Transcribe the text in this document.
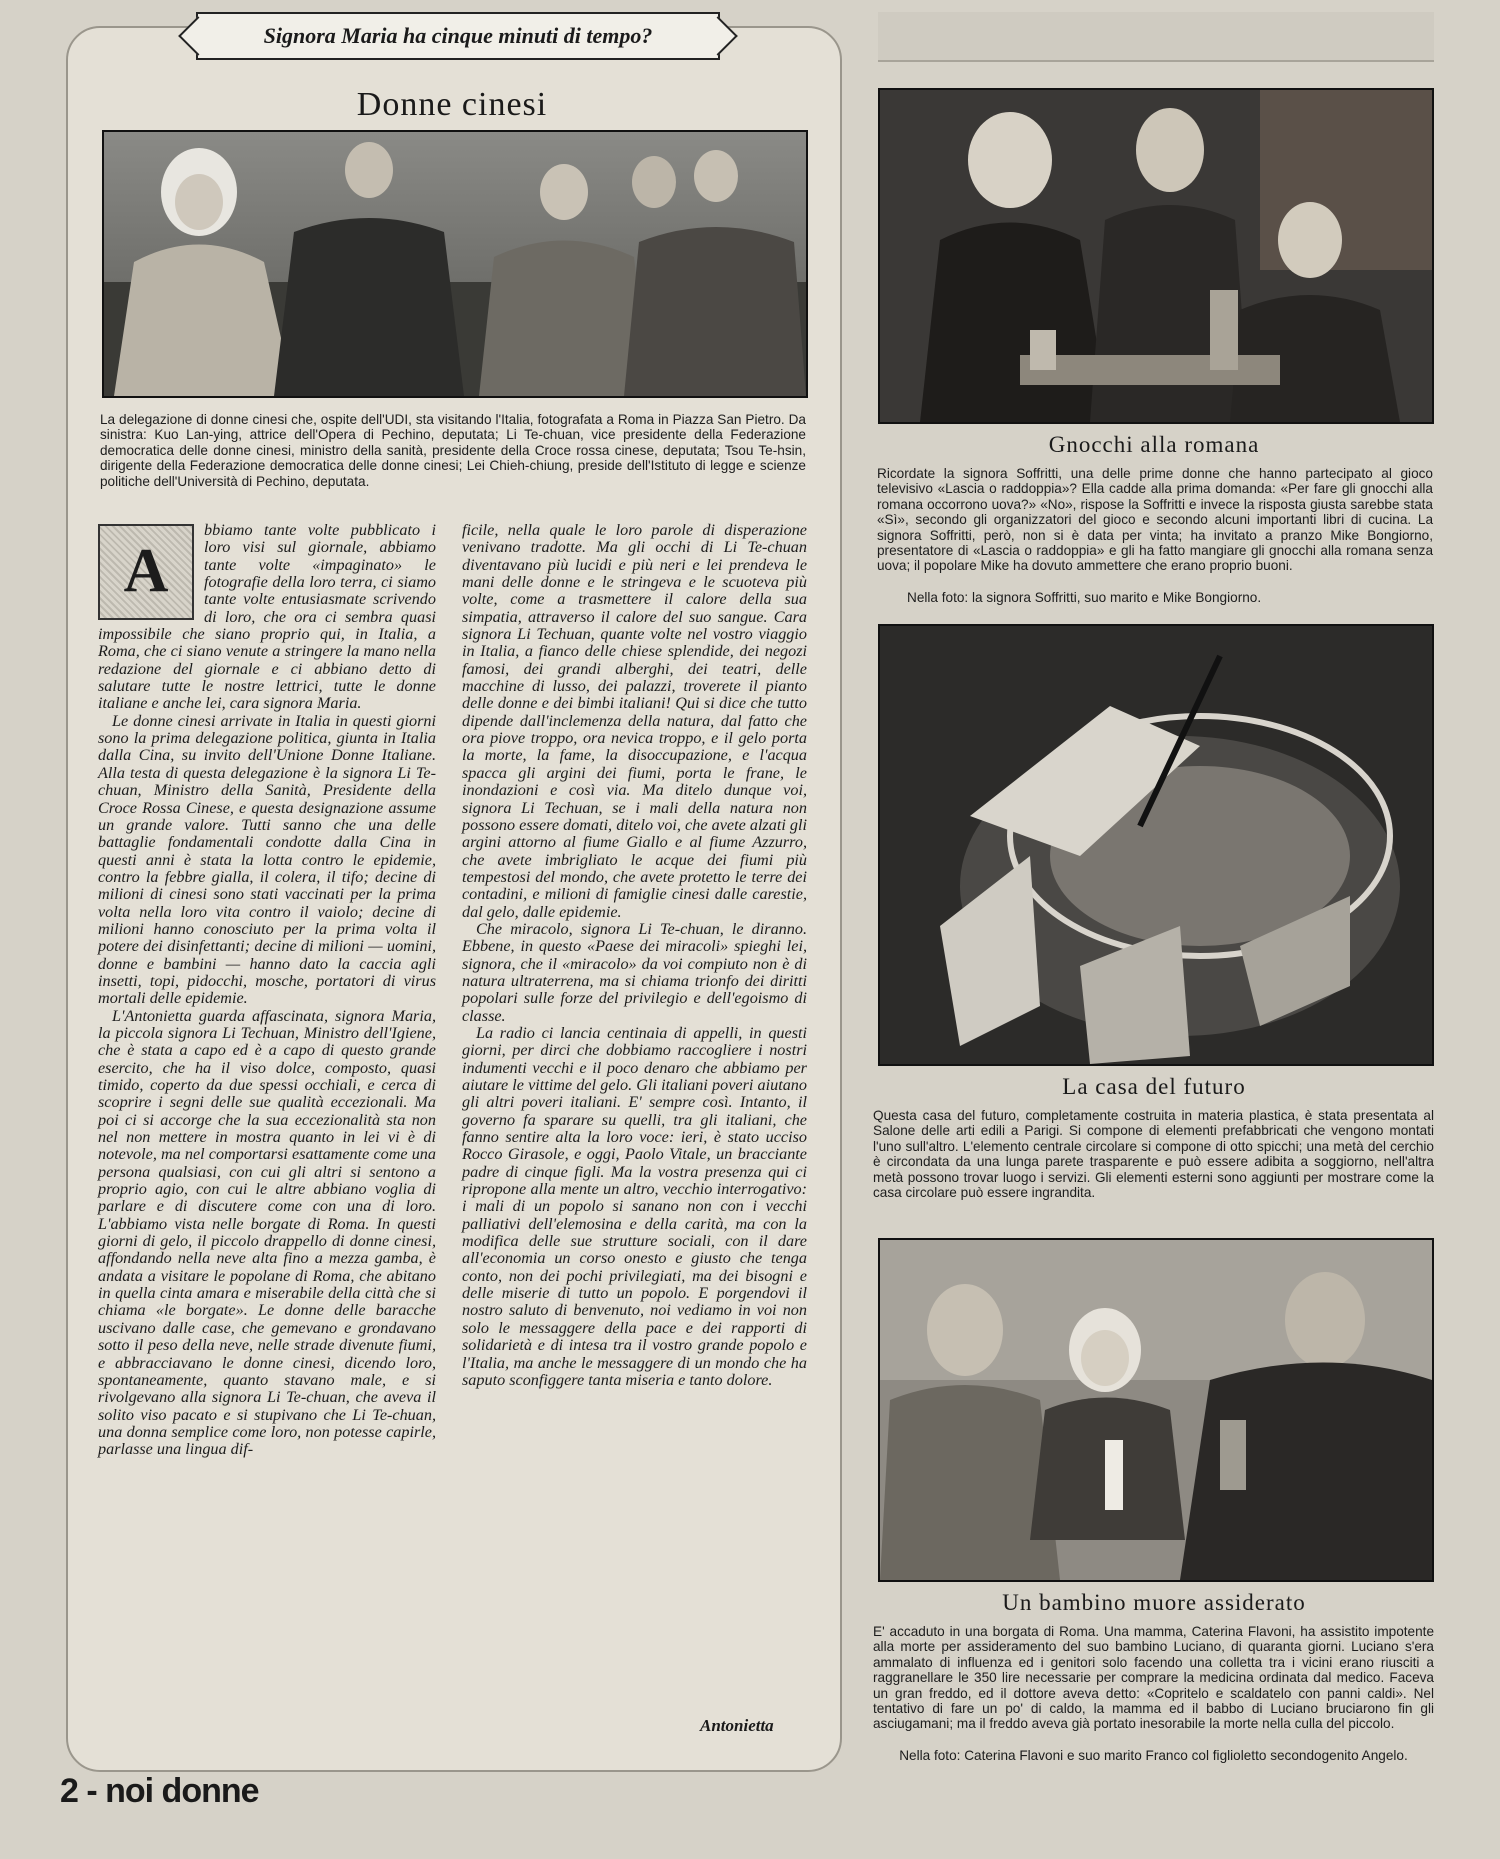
Signora Maria ha cinque minuti di tempo?
Donne cinesi
La delegazione di donne cinesi che, ospite dell'UDI, sta visitando l'Italia, fotografata a Roma in Piazza San Pietro. Da sinistra: Kuo Lan-ying, attrice dell'Opera di Pechino, deputata; Li Te-chuan, vice presidente della Federazione democratica delle donne cinesi, ministro della sanità, presidente della Croce rossa cinese, deputata; Tsou Te-hsin, dirigente della Federazione democratica delle donne cinesi; Lei Chieh-chiung, preside dell'Istituto di legge e scienze politiche dell'Università di Pechino, deputata.

A
bbiamo tante volte pubblicato i loro visi sul giornale, abbiamo tante volte «impaginato» le fotografie della loro terra, ci siamo tante volte entusiasmate scrivendo di loro, che ora ci sembra quasi impossibile che siano proprio qui, in Italia, a Roma, che ci siano venute a stringere la mano nella redazione del giornale e ci abbiano detto di salutare tutte le nostre lettrici, tutte le donne italiane e anche lei, cara signora Maria.

Le donne cinesi arrivate in Italia in questi giorni sono la prima delegazione politica, giunta in Italia dalla Cina, su invito dell'Unione Donne Italiane. Alla testa di questa delegazione è la signora Li Te-chuan, Ministro della Sanità, Presidente della Croce Rossa Cinese, e questa designazione assume un grande valore. Tutti sanno che una delle battaglie fondamentali condotte dalla Cina in questi anni è stata la lotta contro le epidemie, contro la febbre gialla, il colera, il tifo; decine di milioni di cinesi sono stati vaccinati per la prima volta nella loro vita contro il vaiolo; decine di milioni hanno conosciuto per la prima volta il potere dei disinfettanti; decine di milioni — uomini, donne e bambini — hanno dato la caccia agli insetti, topi, pidocchi, mosche, portatori di virus mortali delle epidemie.

L'Antonietta guarda affascinata, signora Maria, la piccola signora Li Techuan, Ministro dell'Igiene, che è stata a capo ed è a capo di questo grande esercito, che ha il viso dolce, composto, quasi timido, coperto da due spessi occhiali, e cerca di scoprire i segni delle sue qualità eccezionali. Ma poi ci si accorge che la sua eccezionalità sta non nel non mettere in mostra quanto in lei vi è di notevole, ma nel comportarsi esattamente come una persona qualsiasi, con cui gli altri si sentono a proprio agio, con cui le altre abbiano voglia di parlare e di discutere come con una di loro. L'abbiamo vista nelle borgate di Roma. In questi giorni di gelo, il piccolo drappello di donne cinesi, affondando nella neve alta fino a mezza gamba, è andata a visitare le popolane di Roma, che abitano in quella cinta amara e miserabile della città che si chiama «le borgate». Le donne delle baracche uscivano dalle case, che gemevano e grondavano sotto il peso della neve, nelle strade divenute fiumi, e abbracciavano le donne cinesi, dicendo loro, spontaneamente, quanto stavano male, e si rivolgevano alla signora Li Te-chuan, che aveva il solito viso pacato e si stupivano che Li Te-chuan, una donna semplice come loro, non potesse capirle, parlasse una lingua dif-

ficile, nella quale le loro parole di disperazione venivano tradotte. Ma gli occhi di Li Te-chuan diventavano più lucidi e più neri e lei prendeva le mani delle donne e le stringeva e le scuoteva più volte, come a trasmettere il calore della sua simpatia, attraverso il calore del suo sangue. Cara signora Li Techuan, quante volte nel vostro viaggio in Italia, a fianco delle chiese splendide, dei negozi famosi, dei grandi alberghi, dei teatri, delle macchine di lusso, dei palazzi, troverete il pianto delle donne e dei bimbi italiani! Qui si dice che tutto dipende dall'inclemenza della natura, dal fatto che ora piove troppo, ora nevica troppo, e il gelo porta la morte, la fame, la disoccupazione, e l'acqua spacca gli argini dei fiumi, porta le frane, le inondazioni e così via. Ma ditelo dunque voi, signora Li Techuan, se i mali della natura non possono essere domati, ditelo voi, che avete alzati gli argini attorno al fiume Giallo e al fiume Azzurro, che avete imbrigliato le acque dei fiumi più tempestosi del mondo, che avete protetto le terre dei contadini, e milioni di famiglie cinesi dalle carestie, dal gelo, dalle epidemie.

Che miracolo, signora Li Te-chuan, le diranno. Ebbene, in questo «Paese dei miracoli» spieghi lei, signora, che il «miracolo» da voi compiuto non è di natura ultraterrena, ma si chiama trionfo dei diritti popolari sulle forze del privilegio e dell'egoismo di classe.

La radio ci lancia centinaia di appelli, in questi giorni, per dirci che dobbiamo raccogliere i nostri indumenti vecchi e il poco denaro che abbiamo per aiutare le vittime del gelo. Gli italiani poveri aiutano gli altri poveri italiani. E' sempre così. Intanto, il governo fa sparare su quelli, tra gli italiani, che fanno sentire alta la loro voce: ieri, è stato ucciso Rocco Girasole, e oggi, Paolo Vitale, un bracciante padre di cinque figli. Ma la vostra presenza qui ci ripropone alla mente un altro, vecchio interrogativo: i mali di un popolo si sanano non con i vecchi palliativi dell'elemosina e della carità, ma con la modifica delle sue strutture sociali, con il dare all'economia un corso onesto e giusto che tenga conto, non dei pochi privilegiati, ma dei bisogni e delle miserie di tutto un popolo. E porgendovi il nostro saluto di benvenuto, noi vediamo in voi non solo le messaggere della pace e dei rapporti di solidarietà e di intesa tra il vostro grande popolo e l'Italia, ma anche le messaggere di un mondo che ha saputo sconfiggere tanta miseria e tanto dolore.

Antonietta
2 - noi donne
Gnocchi alla romana
Ricordate la signora Soffritti, una delle prime donne che hanno partecipato al gioco televisivo «Lascia o raddoppia»? Ella cadde alla prima domanda: «Per fare gli gnocchi alla romana occorrono uova?» «No», rispose la Soffritti e invece la risposta giusta sarebbe stata «Sì», secondo gli organizzatori del gioco e secondo alcuni importanti libri di cucina. La signora Soffritti, però, non si è data per vinta; ha invitato a pranzo Mike Bongiorno, presentatore di «Lascia o raddoppia» e gli ha fatto mangiare gli gnocchi alla romana senza uova; il popolare Mike ha dovuto ammettere che erano proprio buoni.
Nella foto: la signora Soffritti, suo marito e Mike Bongiorno.
La casa del futuro
Questa casa del futuro, completamente costruita in materia plastica, è stata presentata al Salone delle arti edili a Parigi. Si compone di elementi prefabbricati che vengono montati l'uno sull'altro. L'elemento centrale circolare si compone di otto spicchi; una metà del cerchio è circondata da una lunga parete trasparente e può essere adibita a soggiorno, nell'altra metà possono trovar luogo i servizi. Gli elementi esterni sono aggiunti per mostrare come la casa circolare può essere ingrandita.
Un bambino muore assiderato
E' accaduto in una borgata di Roma. Una mamma, Caterina Flavoni, ha assistito impotente alla morte per assideramento del suo bambino Luciano, di quaranta giorni. Luciano s'era ammalato di influenza ed i genitori solo facendo una colletta tra i vicini erano riusciti a raggranellare le 350 lire necessarie per comprare la medicina ordinata dal medico. Faceva un gran freddo, ed il dottore aveva detto: «Copritelo e scaldatelo con panni caldi». Nel tentativo di fare un po' di caldo, la mamma ed il babbo di Luciano bruciarono fin gli asciugamani; ma il freddo aveva già portato inesorabile la morte nella culla del piccolo.
Nella foto: Caterina Flavoni e suo marito Franco col figlioletto secondogenito Angelo.
